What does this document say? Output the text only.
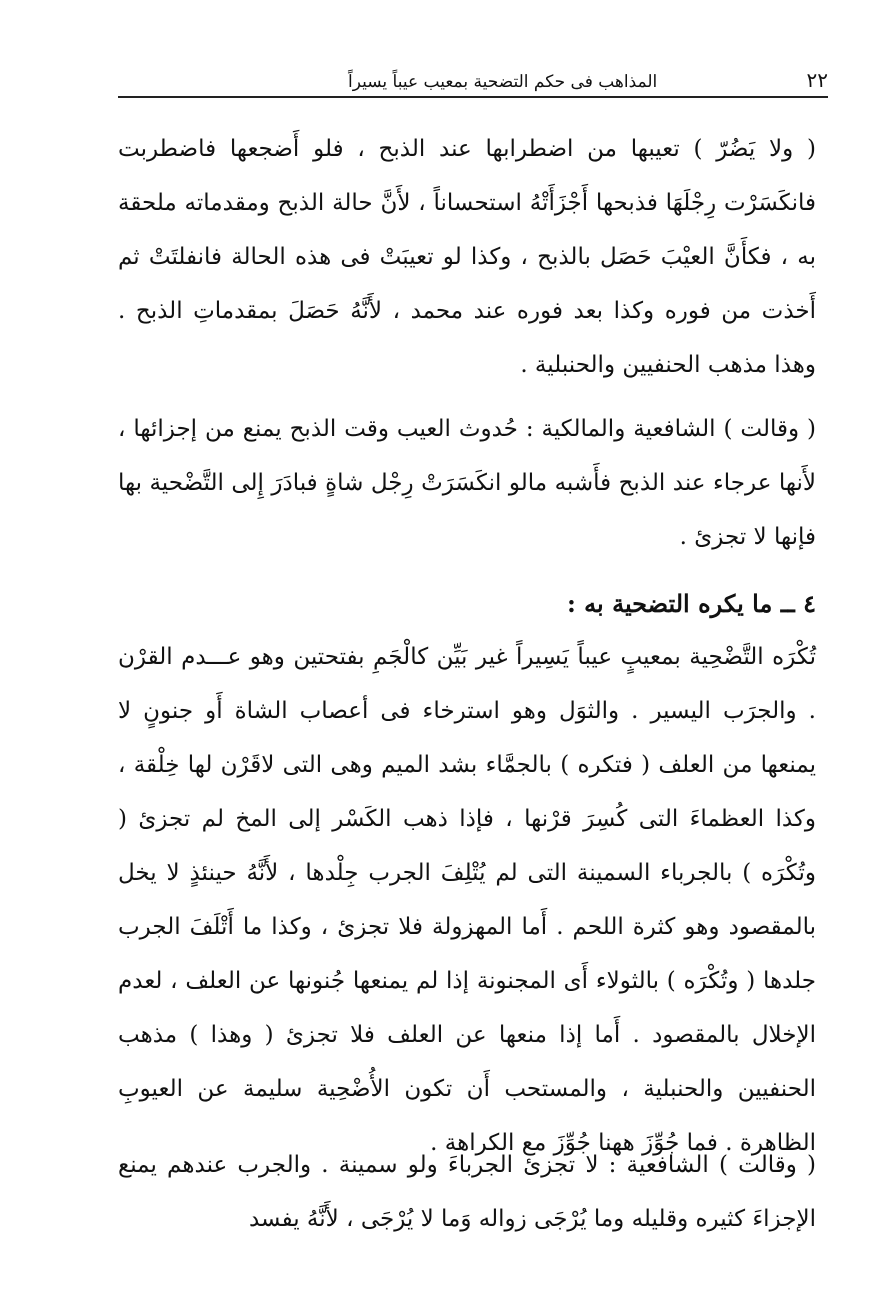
٢٢
المذاهب فى حكم التضحية بمعيب عيباً يسيراً

( ولا يَضُرّ ) تعيبها من اضطرابها عند الذبح ، فلو أَضجعها فاضطربت فانكَسَرْت رِجْلَهَا فذبحها أَجْزَأَتْهُ استحساناً ، لأَنَّ حالة الذبح ومقدماته ملحقة به ، فكأَنَّ العيْبَ حَصَل بالذبح ، وكذا لو تعيبَتْ فى هذه الحالة فانفلتَتْ ثم أَخذت من فوره وكذا بعد فوره عند محمد ، لأَنَّهُ حَصَلَ بمقدماتِ الذبح . وهذا مذهب الحنفيين والحنبلية .

( وقالت ) الشافعية والمالكية : حُدوث العيب وقت الذبح يمنع من إجزائها ، لأَنها عرجاء عند الذبح فأَشبه مالو انكَسَرَتْ رِجْل شاةٍ فبادَرَ إِلى التَّضْحية بها فإنها لا تجزئ .

٤ ــ ما يكره التضحية به :

تُكْرَه التَّضْحِية بمعيبٍ عيباً يَسِيراً غير بَيِّن كالْجَمِ بفتحتين وهو عـــدم القرْن . والجرَب اليسير . والثوَل وهو استرخاء فى أعصاب الشاة أَو جنونٍ لا يمنعها من العلف ( فتكره ) بالجمَّاء بشد الميم وهى التى لاقَرْن لها خِلْقة ، وكذا العظماءَ التى كُسِرَ قرْنها ، فإذا ذهب الكَسْر إلى المخ لم تجزئ ( وتُكْرَه ) بالجرباء السمينة التى لم يُتْلِفَ الجرب جِلْدها ، لأَنَّهُ حينئذٍ لا يخل بالمقصود وهو كثرة اللحم . أَما المهزولة فلا تجزئ ، وكذا ما أَتْلَفَ الجرب جلدها ( وتُكْرَه ) بالثولاء أَى المجنونة إذا لم يمنعها جُنونها عن العلف ، لعدم الإخلال بالمقصود . أَما إذا منعها عن العلف فلا تجزئ ( وهذا ) مذهب الحنفيين والحنبلية ، والمستحب أَن تكون الأُضْحِية سليمة عن العيوبِ الظاهرة . فما جُوِّزَ ههنا جُوِّزَ مع الكراهة .

( وقالت ) الشافعية : لا تجزئ الجرباءَ ولو سمينة . والجرب عندهم يمنع الإجزاءَ كثيره وقليله وما يُرْجَى زواله وَما لا يُرْجَى ، لأَنَّهُ يفسد
